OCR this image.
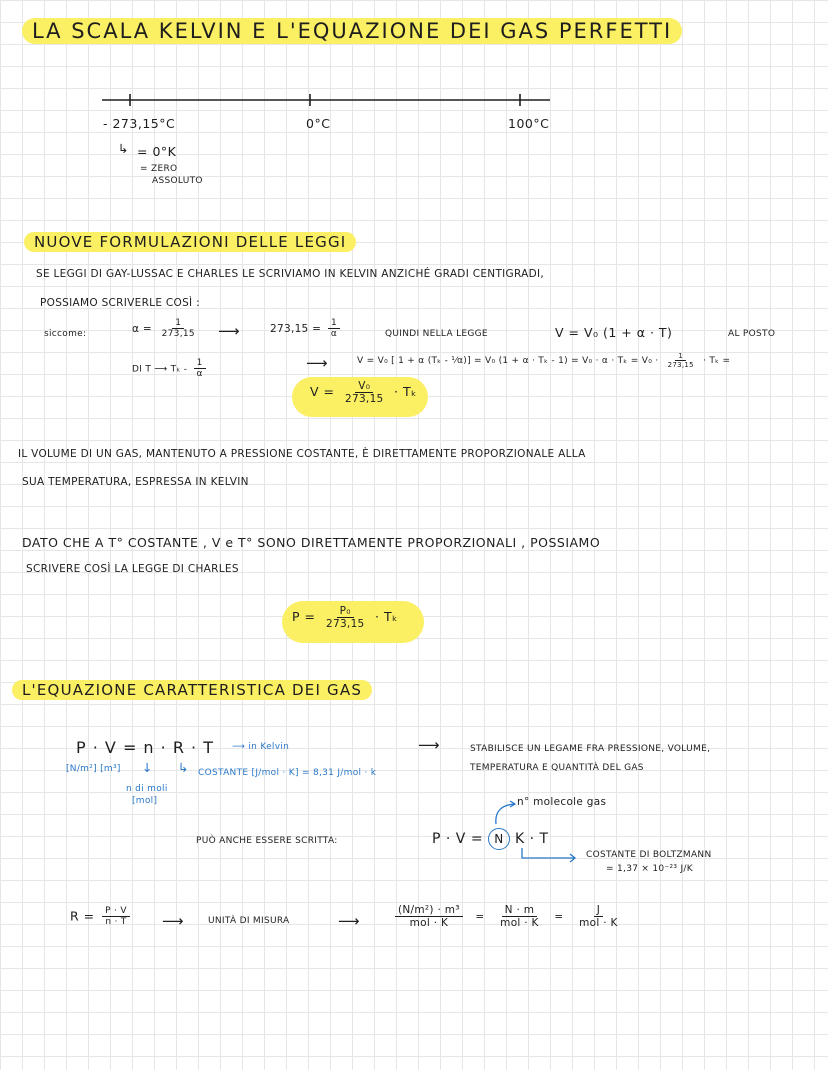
LA SCALA KELVIN E L'EQUAZIONE DEI GAS PERFETTI
- 273,15°C	0°C	100°C
↳ = 0°K
= ZERO
ASSOLUTO
NUOVE FORMULAZIONI DELLE LEGGI
SE LEGGI DI GAY-LUSSAC E CHARLES LE SCRIVIAMO IN KELVIN ANZICHÉ GRADI CENTIGRADI,
POSSIAMO SCRIVERLE COSÌ :
siccome:	$\alpha = \frac{1}{273,15}$ ⟶	$273,15 = \frac{1}{\alpha}$	QUINDI NELLA LEGGE	V = V₀ (1 + α · T)	AL POSTO
DI T ⟶ Tₖ - $\frac{1}{\alpha}$	⟶	V = V₀ [ 1 + α (Tₖ - ¹⁄α)] = V₀ $(1 + \alpha \cdot T_k - 1) = V_0 \cdot \alpha \cdot T_k = V_0 \cdot \frac{1}{273,15} \cdot T_k$ =
$V = \frac{\text{V₀}}{273,15} \cdot T_k$
IL VOLUME DI UN GAS, MANTENUTO A PRESSIONE COSTANTE, È DIRETTAMENTE PROPORZIONALE ALLA
SUA TEMPERATURA, ESPRESSA IN KELVIN
DATO CHE A T° COSTANTE , V e T° SONO DIRETTAMENTE PROPORZIONALI , POSSIAMO
SCRIVERE COSÌ LA LEGGE DI CHARLES
$P = \frac{\text{P₀}}{273,15} \cdot T_k$
L'EQUAZIONE CARATTERISTICA DEI GAS
P · V = n · R · T ⟶ in Kelvin
[N/m²] [m³] ↓
n di moli
[mol]
↳ COSTANTE [J/mol · K] = 8,31 J/mol · k
⟶	STABILISCE UN LEGAME FRA PRESSIONE, VOLUME,
TEMPERATURA E QUANTITÀ DEL GAS
n° molecole gas
PUÒ ANCHE ESSERE SCRITTA:	P · V = N K · T
COSTANTE DI BOLTZMANN
= 1,37 × 10⁻²³ J/K
$R = \frac{P \cdot V}{n \cdot T}$ ⟶	UNITÀ DI MISURA	⟶	$\frac{\text{(N/m²) · m³}}{\text{mol · K}} = \frac{N \cdot m}{\text{mol · K}} = \frac{J}{\text{mol · K}}$
